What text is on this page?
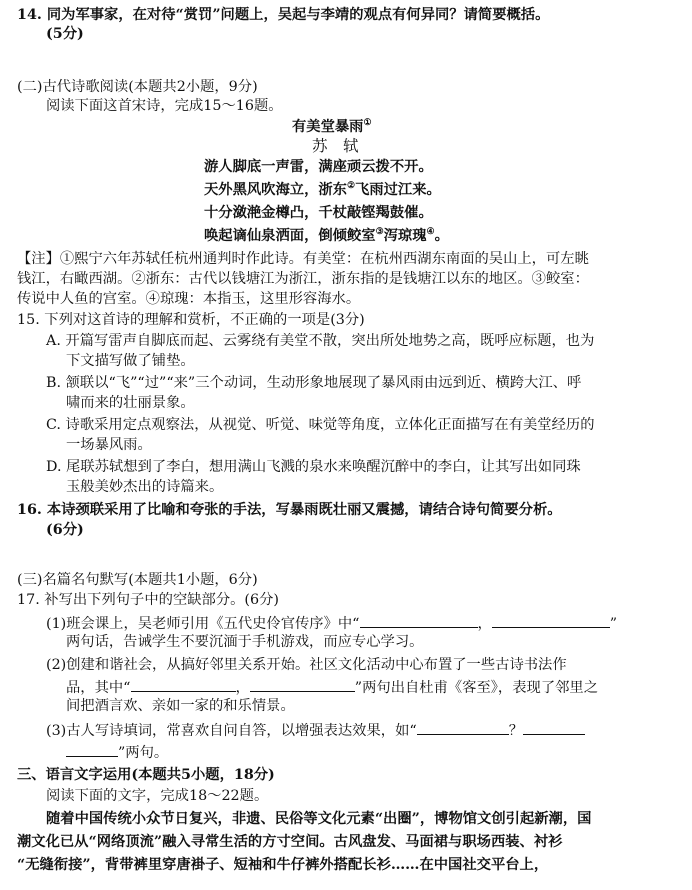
14. 同为军事家，在对待“赏罚”问题上，吴起与李靖的观点有何异同？请简要概括。
(5分)
(二)古代诗歌阅读(本题共2小题，9分)
阅读下面这首宋诗，完成15～16题。
有美堂暴雨①
苏　轼
游人脚底一声雷，满座顽云拨不开。
天外黑风吹海立，浙东②飞雨过江来。
十分潋滟金樽凸，千杖敲铿羯鼓催。
唤起谪仙泉洒面，倒倾鲛室③泻琼瑰④。
【注】①熙宁六年苏轼任杭州通判时作此诗。有美堂：在杭州西湖东南面的吴山上，可左眺
钱江，右瞰西湖。②浙东：古代以钱塘江为浙江，浙东指的是钱塘江以东的地区。③鲛室：
传说中人鱼的宫室。④琼瑰：本指玉，这里形容海水。
15. 下列对这首诗的理解和赏析，不正确的一项是(3分)
A. 开篇写雷声自脚底而起、云雾绕有美堂不散，突出所处地势之高，既呼应标题，也为
下文描写做了铺垫。
B. 颔联以“飞”“过”“来”三个动词，生动形象地展现了暴风雨由远到近、横跨大江、呼
啸而来的壮丽景象。
C. 诗歌采用定点观察法，从视觉、听觉、味觉等角度，立体化正面描写在有美堂经历的
一场暴风雨。
D. 尾联苏轼想到了李白，想用满山飞溅的泉水来唤醒沉醉中的李白，让其写出如同珠
玉般美妙杰出的诗篇来。
16. 本诗颈联采用了比喻和夸张的手法，写暴雨既壮丽又震撼，请结合诗句简要分析。
(6分)
(三)名篇名句默写(本题共1小题，6分)
17. 补写出下列句子中的空缺部分。(6分)
(1)班会课上，吴老师引用《五代史伶官传序》中“	，	”
两句话，告诫学生不要沉湎于手机游戏，而应专心学习。
(2)创建和谐社会，从搞好邻里关系开始。社区文化活动中心布置了一些古诗书法作
品，其中“	，	”两句出自杜甫《客至》，表现了邻里之
间把酒言欢、亲如一家的和乐情景。
(3)古人写诗填词，常喜欢自问自答，以增强表达效果，如“	？
”两句。
三、语言文字运用(本题共5小题，18分)
阅读下面的文字，完成18～22题。
随着中国传统小众节日复兴，非遗、民俗等文化元素“出圈”，博物馆文创引起新潮，国
潮文化已从“网络顶流”融入寻常生活的方寸空间。古风盘发、马面裙与职场西装、衬衫
“无缝衔接”，背带裤里穿唐褂子、短袖和牛仔裤外搭配长衫……在中国社交平台上，
